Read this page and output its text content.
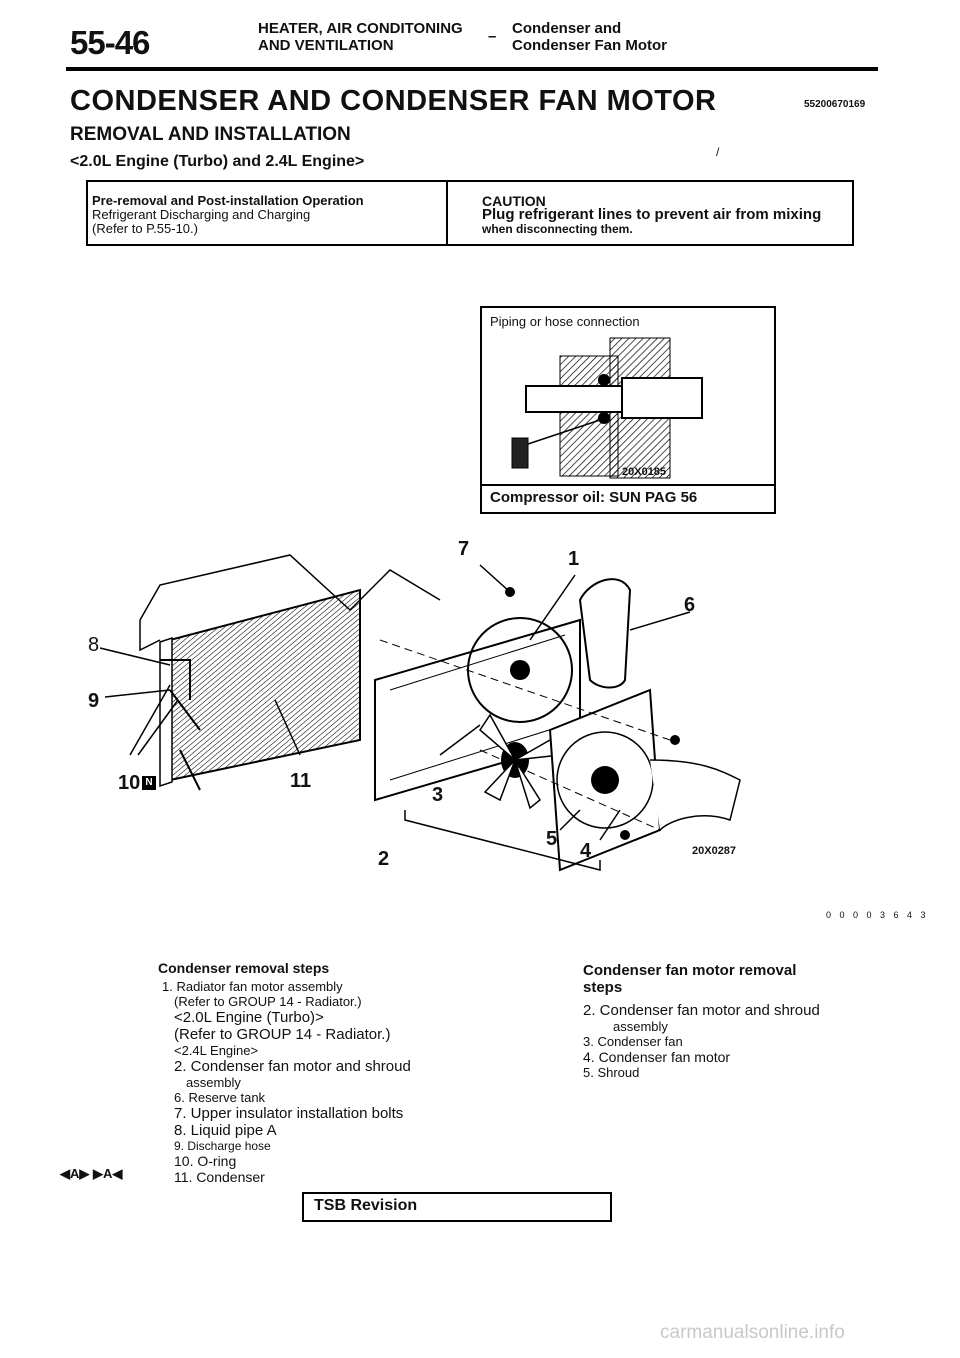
55-46	HEATER, AIR CONDITONING
AND VENTILATION
– Condenser and
Condenser Fan Motor
CONDENSER AND CONDENSER FAN MOTOR	55200670169
REMOVAL AND INSTALLATION
<2.0L Engine (Turbo) and 2.4L Engine>
/
Pre-removal and Post-installation Operation
Refrigerant Discharging and Charging
(Refer to P.55-10.)
CAUTION
Plug refrigerant lines to prevent air from mixing
when disconnecting them.
Piping or hose connection
20X0185
Compressor oil: SUN PAG 56
1
2
3
4
5
6
7
8
9
10 N	11
20X0287
0 0 0 0 3 6 4 3
Condenser removal steps
1. Radiator fan motor assembly
(Refer to GROUP 14 - Radiator.)
<2.0L Engine (Turbo)>
(Refer to GROUP 14 - Radiator.)
<2.4L Engine>
2. Condenser fan motor and shroud
assembly
6. Reserve tank
7. Upper insulator installation bolts
8. Liquid pipe A
9. Discharge hose
10. O-ring
11. Condenser
◀A▶ ▶A◀
Condenser fan motor removal
steps
2. Condenser fan motor and shroud
assembly
3. Condenser fan
4. Condenser fan motor
5. Shroud
TSB Revision
carmanualsonline.info
